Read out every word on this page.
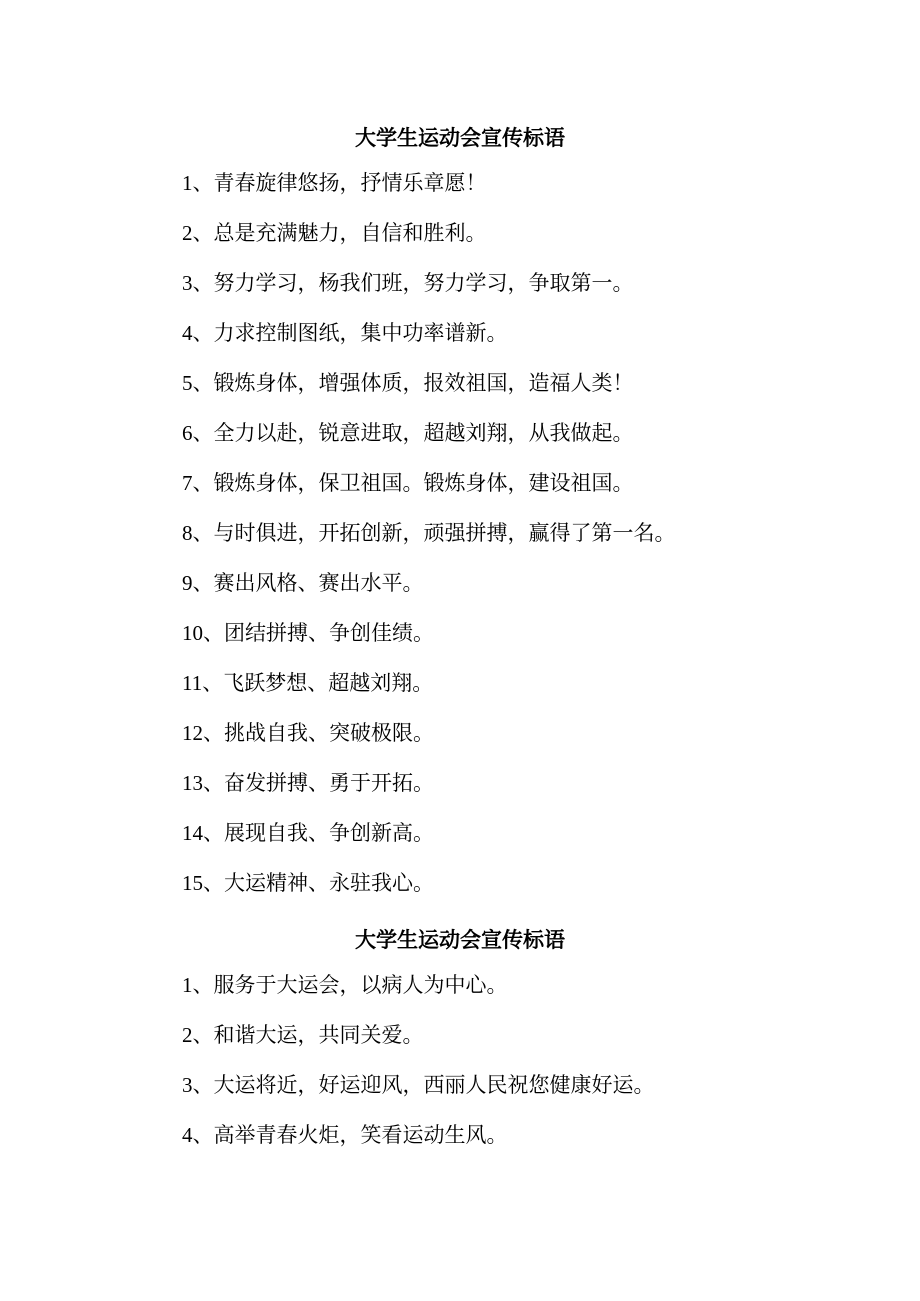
大学生运动会宣传标语
1、青春旋律悠扬，抒情乐章愿！
2、总是充满魅力，自信和胜利。
3、努力学习，杨我们班，努力学习，争取第一。
4、力求控制图纸，集中功率谱新。
5、锻炼身体，增强体质，报效祖国，造福人类！
6、全力以赴，锐意进取，超越刘翔，从我做起。
7、锻炼身体，保卫祖国。锻炼身体，建设祖国。
8、与时俱进，开拓创新，顽强拼搏，赢得了第一名。
9、赛出风格、赛出水平。
10、团结拼搏、争创佳绩。
11、飞跃梦想、超越刘翔。
12、挑战自我、突破极限。
13、奋发拼搏、勇于开拓。
14、展现自我、争创新高。
15、大运精神、永驻我心。
大学生运动会宣传标语
1、服务于大运会，以病人为中心。
2、和谐大运，共同关爱。
3、大运将近，好运迎风，西丽人民祝您健康好运。
4、高举青春火炬，笑看运动生风。
